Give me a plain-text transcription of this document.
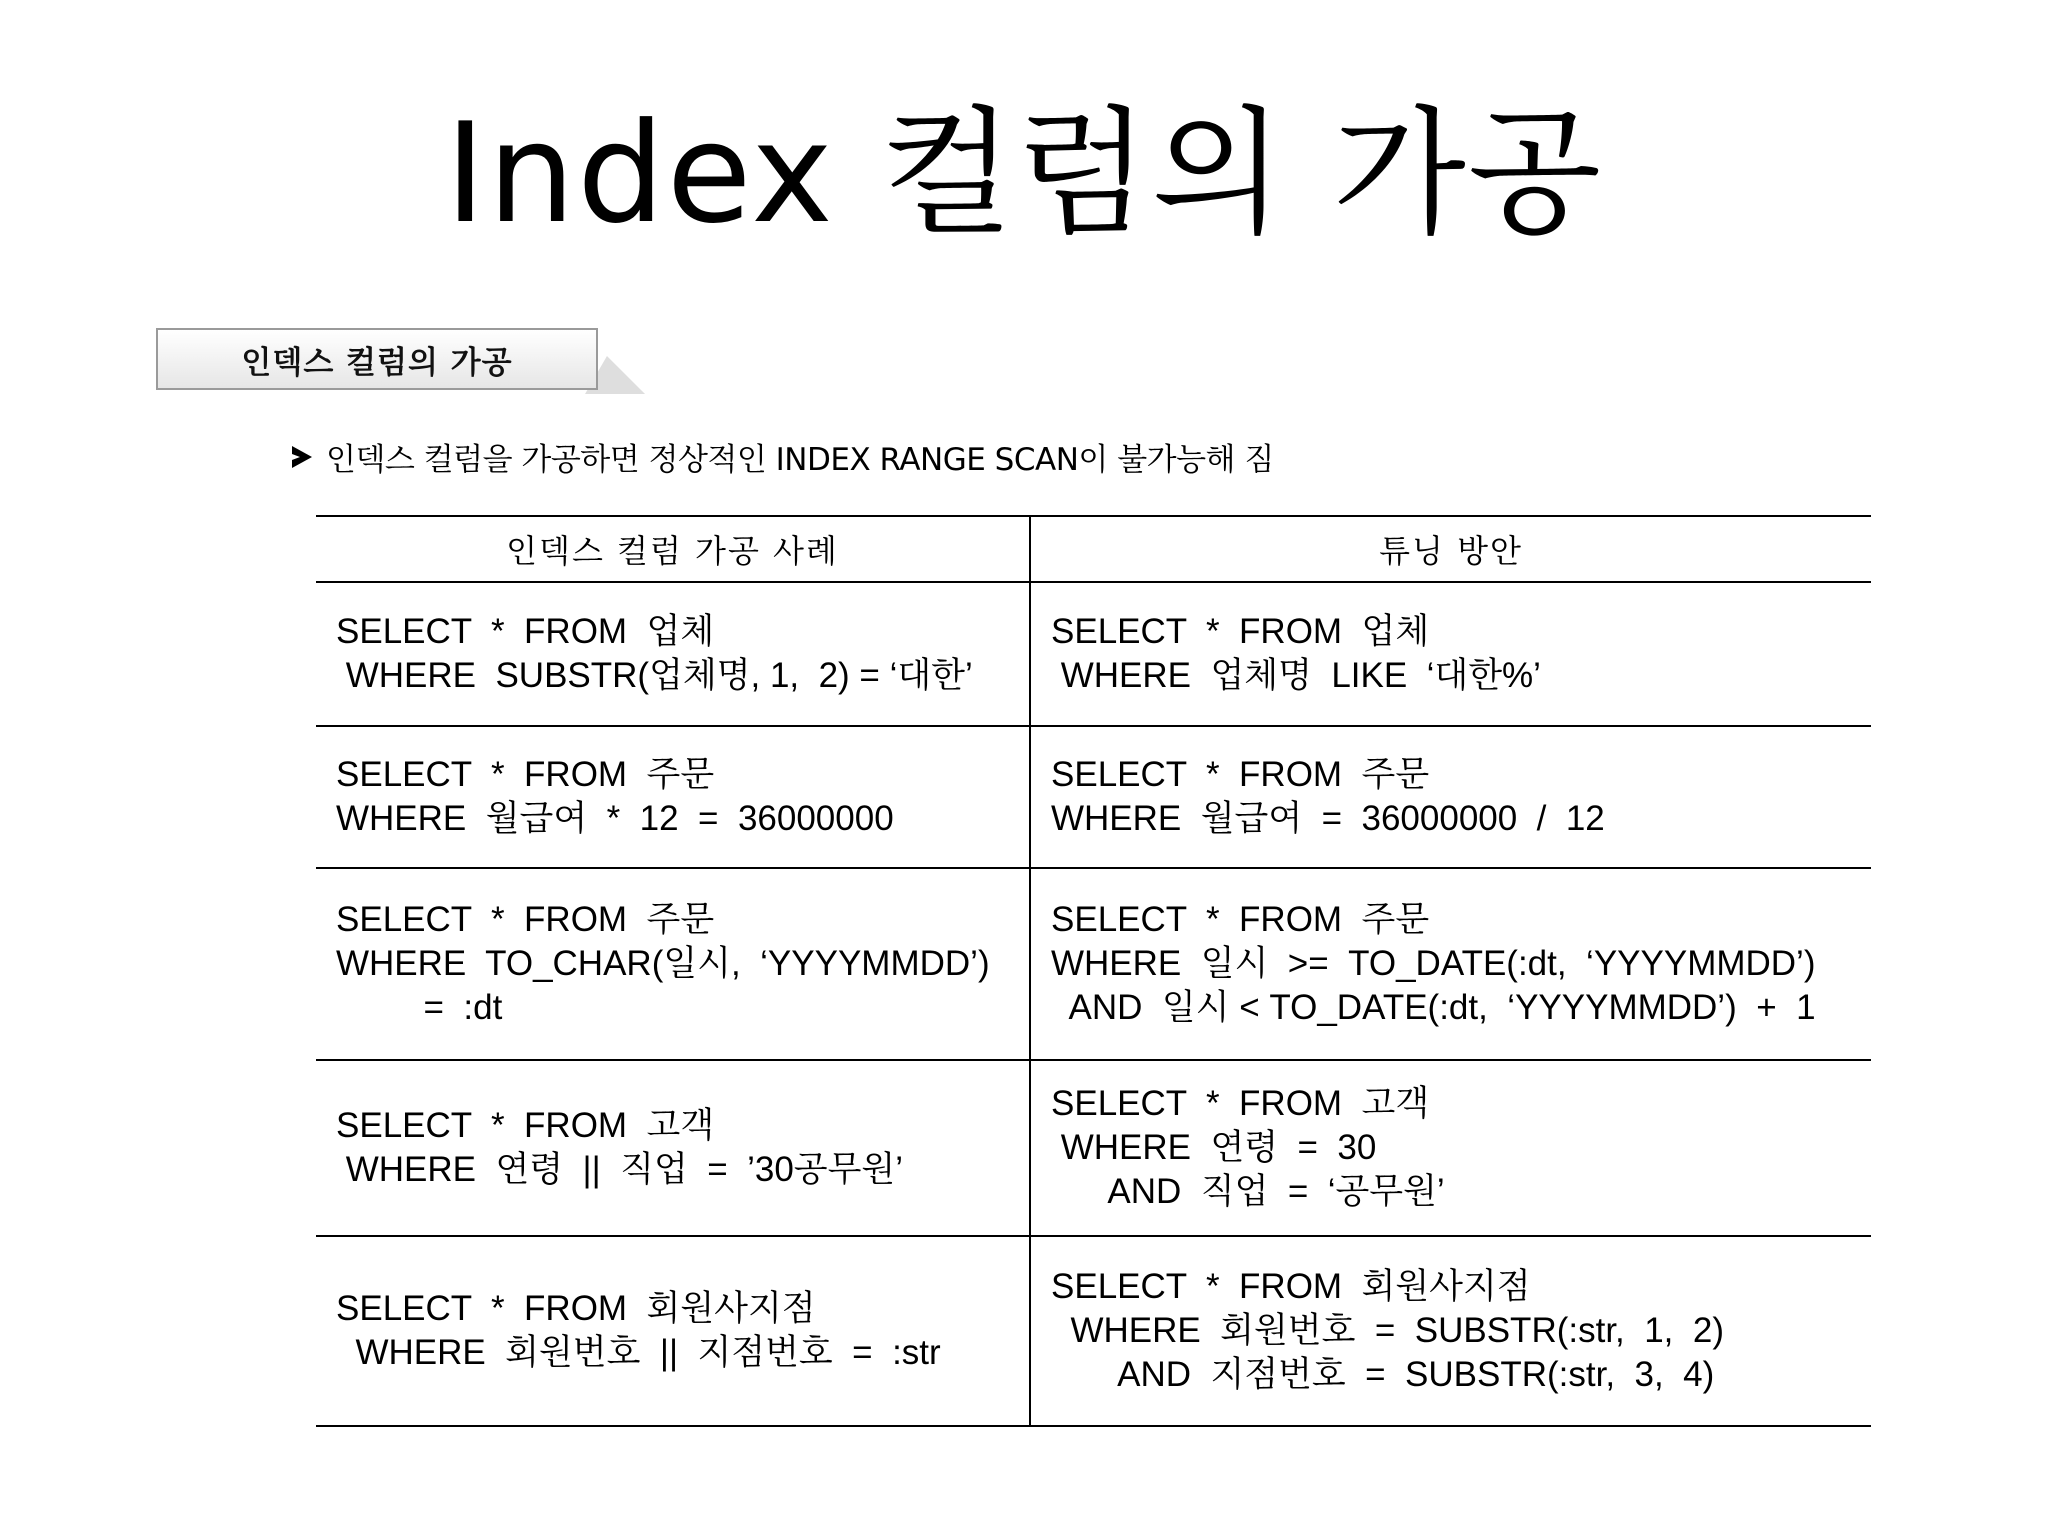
Index 컬럼의 가공
인덱스 컬럼의 가공
인덱스 컬럼을 가공하면 정상적인 INDEX RANGE SCAN이 불가능해 짐
인덱스 컬럼 가공 사례	튜닝 방안

SELECT  *  FROM  업체
WHERE  SUBSTR(업체명, 1,  2) = ‘대한’	SELECT  *  FROM  업체
WHERE  업체명  LIKE  ‘대한%’

SELECT  *  FROM  주문
WHERE  월급여  *  12  =  36000000	SELECT  *  FROM  주문
WHERE  월급여  =  36000000  /  12

SELECT  *  FROM  주문
WHERE  TO_CHAR(일시,  ‘YYYYMMDD’)
=  :dt	SELECT  *  FROM  주문
WHERE  일시  >=  TO_DATE(:dt,  ‘YYYYMMDD’)
AND  일시 < TO_DATE(:dt,  ‘YYYYMMDD’)  +  1

SELECT  *  FROM  고객
WHERE  연령  ||  직업  =  ’30공무원’	SELECT  *  FROM  고객
WHERE  연령  =  30
AND  직업  =  ‘공무원’

SELECT  *  FROM  회원사지점
WHERE  회원번호  ||  지점번호  =  :str	SELECT  *  FROM  회원사지점
WHERE  회원번호  =  SUBSTR(:str,  1,  2)
AND  지점번호  =  SUBSTR(:str,  3,  4)
